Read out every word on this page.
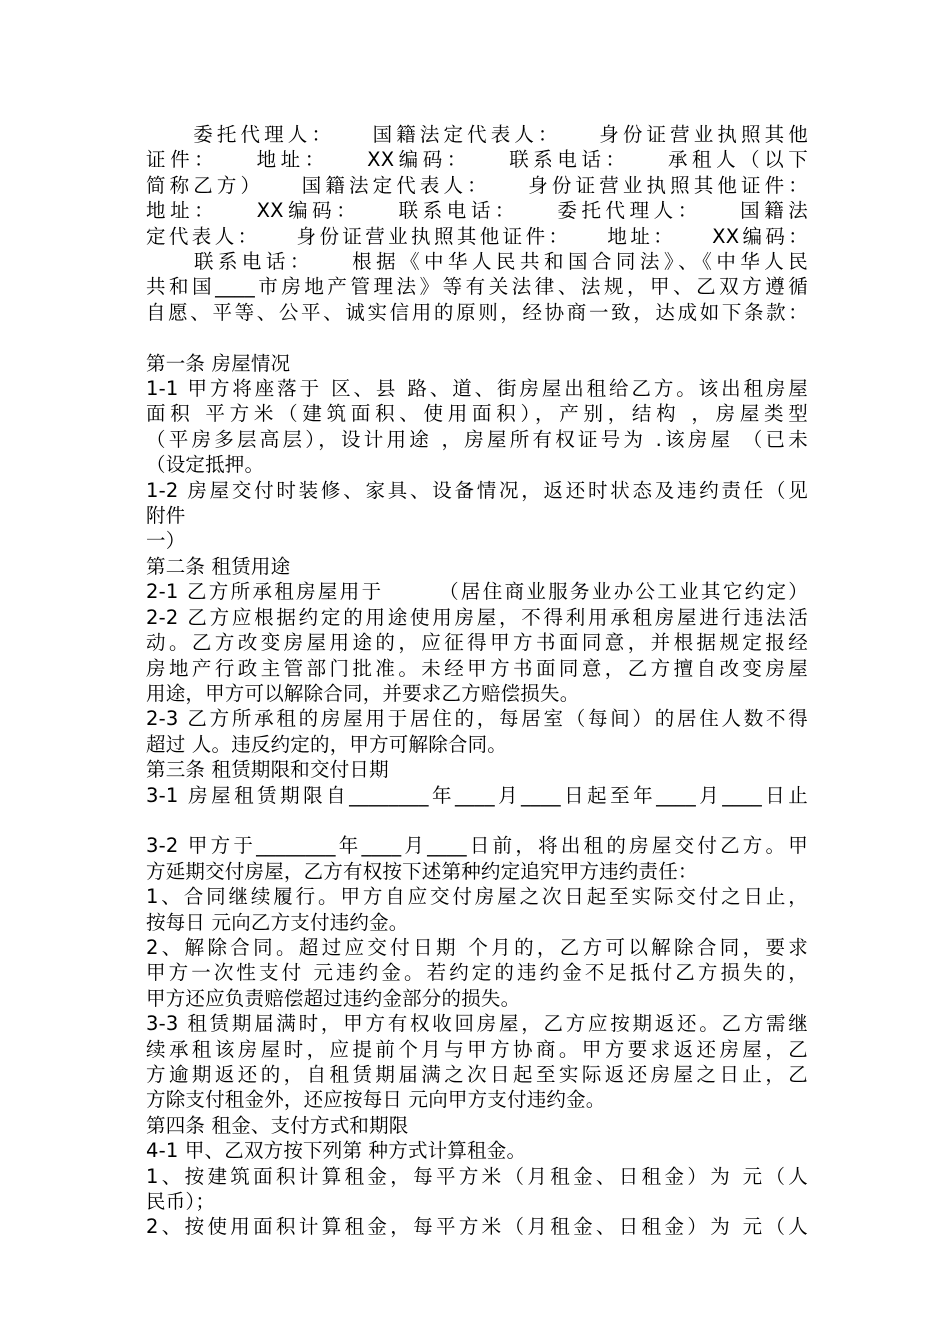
　　委托代理人：　　国籍法定代表人：　　身份证营业执照其他
证件：　　地址：　　XX编码：　　联系电话：　　承租人（以下
简称乙方）　　国籍法定代表人：　　身份证营业执照其他证件：
地址：　　XX编码：　　联系电话：　　委托代理人：　　国籍法
定代表人：　　身份证营业执照其他证件：　　地址：　　XX编码：
　　联系电话：　　根据《中华人民共和国合同法》、《中华人民
共和国____市房地产管理法》等有关法律、法规，甲、乙双方遵循
自愿、平等、公平、诚实信用的原则，经协商一致，达成如下条款：
第一条 房屋情况
1-1 甲方将座落于 区、县 路、道、街房屋出租给乙方。该出租房屋
面积 平方米（建筑面积、使用面积），产别，结构 ，房屋类型
（平房多层高层），设计用途 ，房屋所有权证号为 .该房屋 （已未
（设定抵押。
1-2 房屋交付时装修、家具、设备情况，返还时状态及违约责任（见
附件
一）
第二条 租赁用途
2-1 乙方所承租房屋用于　　　（居住商业服务业办公工业其它约定）
2-2 乙方应根据约定的用途使用房屋，不得利用承租房屋进行违法活
动。乙方改变房屋用途的，应征得甲方书面同意，并根据规定报经
房地产行政主管部门批准。未经甲方书面同意，乙方擅自改变房屋
用途，甲方可以解除合同，并要求乙方赔偿损失。
2-3 乙方所承租的房屋用于居住的，每居室（每间）的居住人数不得
超过 人。违反约定的，甲方可解除合同。
第三条 租赁期限和交付日期
3-1 房屋租赁期限自________年____月____日起至年____月____日止
3-2 甲方于________年____月____日前，将出租的房屋交付乙方。甲
方延期交付房屋，乙方有权按下述第种约定追究甲方违约责任：
1、合同继续履行。甲方自应交付房屋之次日起至实际交付之日止，
按每日 元向乙方支付违约金。
2、解除合同。超过应交付日期 个月的，乙方可以解除合同，要求
甲方一次性支付 元违约金。若约定的违约金不足抵付乙方损失的，
甲方还应负责赔偿超过违约金部分的损失。
3-3 租赁期届满时，甲方有权收回房屋，乙方应按期返还。乙方需继
续承租该房屋时，应提前个月与甲方协商。甲方要求返还房屋，乙
方逾期返还的，自租赁期届满之次日起至实际返还房屋之日止，乙
方除支付租金外，还应按每日 元向甲方支付违约金。
第四条 租金、支付方式和期限
4-1 甲、乙双方按下列第 种方式计算租金。
1、按建筑面积计算租金，每平方米（月租金、日租金）为 元（人
民币）；
2、按使用面积计算租金，每平方米（月租金、日租金）为 元（人
